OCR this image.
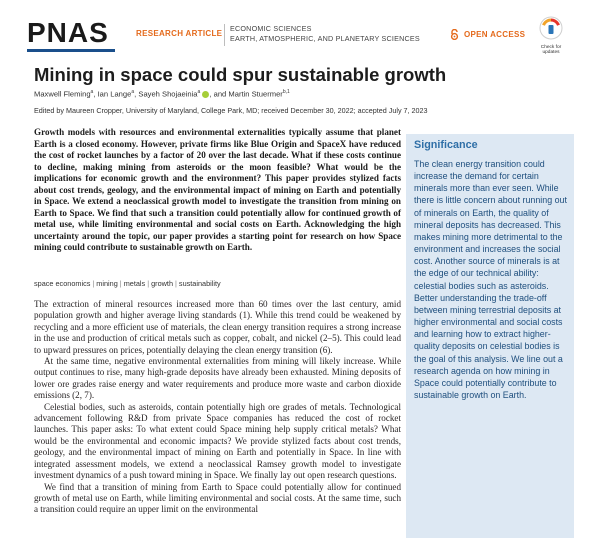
PNAS	RESEARCH ARTICLE
ECONOMIC SCIENCES
EARTH, ATMOSPHERIC, AND PLANETARY SCIENCES	OPEN ACCESS
Check for
updates
Mining in space could spur sustainable growth
Maxwell Fleming$^a$, Ian Lange$^a$, Sayeh Shojaeinia$^a$ , and Martin Stuermer$^{b,1}$
Edited by Maureen Cropper, University of Maryland, College Park, MD; received December 30, 2022; accepted July 7, 2023
Growth models with resources and environmental externalities typically assume that planet Earth is a closed economy. However, private firms like Blue Origin and SpaceX have reduced the cost of rocket launches by a factor of 20 over the last decade. What if these costs continue to decline, making mining from asteroids or the moon feasible? What would be the implications for economic growth and the environment? This paper provides stylized facts about cost trends, geology, and the environmental impact of mining on Earth and potentially in Space. We extend a neoclassical growth model to investigate the transition from mining on Earth to Space. We find that such a transition could potentially allow for continued growth of metal use, while limiting environmental and social costs on Earth. Acknowledging the high uncertainty around the topic, our paper provides a starting point for research on how Space mining could contribute to sustainable growth on Earth.
space economics | mining | metals | growth | sustainability

The extraction of mineral resources increased more than 60 times over the last century, amid population growth and higher average living standards (1). While this trend could be weakened by recycling and a more efficient use of materials, the clean energy transition requires a strong increase in the use and production of critical metals such as copper, cobalt, and nickel (2–5). This could lead to upward pressures on prices, potentially delaying the clean energy transition (6).

At the same time, negative environmental externalities from mining will likely increase. While output continues to rise, many high-grade deposits have already been exhausted. Mining deposits of lower ore grades raise energy and water requirements and produce more waste and carbon dioxide emissions (2, 7).

Celestial bodies, such as asteroids, contain potentially high ore grades of metals. Technological advancement following R&D from private Space companies has reduced the cost of rocket launches. This paper asks: To what extent could Space mining help supply critical metals? What would be the environmental and economic impacts? We provide stylized facts about cost trends, geology, and the environmental impact of mining on Earth and potentially in Space. In line with integrated assessment models, we extend a neoclassical Ramsey growth model to investigate investment dynamics of a push toward mining in Space. We finally lay out open research questions.

We find that a transition of mining from Earth to Space could potentially allow for continued growth of metal use on Earth, while limiting environmental and social costs. At the same time, such a transition could require an upper limit on the environmental

Significance
The clean energy transition could increase the demand for certain minerals more than ever seen. While there is little concern about running out of minerals on Earth, the quality of mineral deposits has decreased. This makes mining more detrimental to the environment and increases the social cost. Another source of minerals is at the edge of our technical ability: celestial bodies such as asteroids. Better understanding the trade-off between mining terrestrial deposits at higher environmental and social costs and learning how to extract higher-quality deposits on celestial bodies is the goal of this analysis. We line out a research agenda on how mining in Space could potentially contribute to sustainable growth on Earth.
